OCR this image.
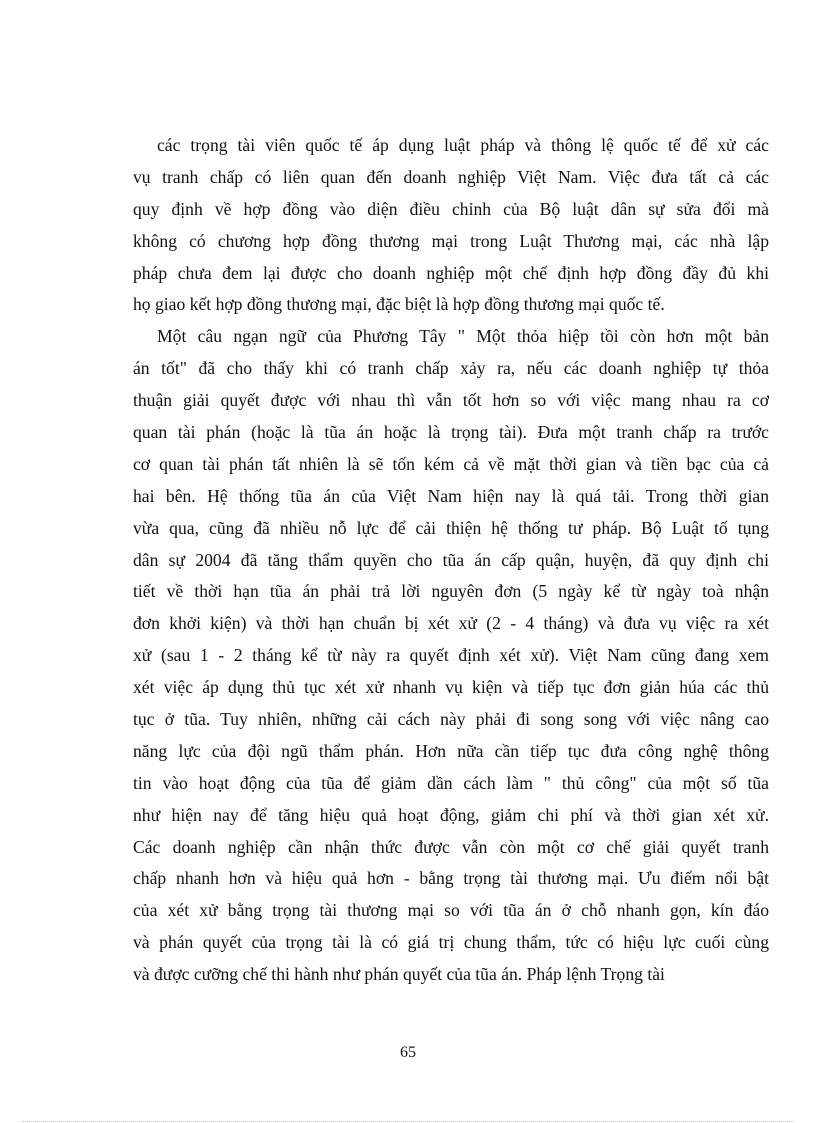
các trọng tài viên quốc tế áp dụng luật pháp và thông lệ quốc tế để xử các
vụ tranh chấp có liên quan đến doanh nghiệp Việt Nam. Việc đưa tất cả các
quy định về hợp đồng vào diện điều chỉnh của Bộ luật dân sự sửa đổi mà
không có chương hợp đồng thương mại trong Luật Thương mại, các nhà lập
pháp chưa đem lại được cho doanh nghiệp một chế định hợp đồng đầy đủ khi
họ giao kết hợp đồng thương mại, đặc biệt là hợp đồng thương mại quốc tế.
Một câu ngạn ngữ của Phương Tây " Một thỏa hiệp tồi còn hơn một bản
án tốt" đã cho thấy khi có tranh chấp xảy ra, nếu các doanh nghiệp tự thỏa
thuận giải quyết được với nhau thì vẫn tốt hơn so với việc mang nhau ra cơ
quan tài phán (hoặc là tũa án hoặc là trọng tài). Đưa một tranh chấp ra trước
cơ quan tài phán tất nhiên là sẽ tốn kém cả về mặt thời gian và tiền bạc của cả
hai bên. Hệ thống tũa án của Việt Nam hiện nay là quá tải. Trong thời gian
vừa qua, cũng đã nhiều nỗ lực để cải thiện hệ thống tư pháp. Bộ Luật tố tụng
dân sự 2004 đã tăng thẩm quyền cho tũa án cấp quận, huyện, đã quy định chi
tiết về thời hạn tũa án phải trả lời nguyên đơn (5 ngày kể từ ngày toà nhận
đơn khởi kiện) và thời hạn chuẩn bị xét xử (2 - 4 tháng) và đưa vụ việc ra xét
xử (sau 1 - 2 tháng kể từ này ra quyết định xét xử). Việt Nam cũng đang xem
xét việc áp dụng thủ tục xét xử nhanh vụ kiện và tiếp tục đơn giản húa các thủ
tục ở tũa. Tuy nhiên, những cải cách này phải đi song song với việc nâng cao
năng lực của đội ngũ thẩm phán. Hơn nữa cần tiếp tục đưa công nghệ thông
tin vào hoạt động của tũa để giảm dần cách làm " thủ công" của một số tũa
như hiện nay để tăng hiệu quả hoạt động, giảm chi phí và thời gian xét xử.
Các doanh nghiệp cần nhận thức được vẫn còn một cơ chế giải quyết tranh
chấp nhanh hơn và hiệu quả hơn - bằng trọng tài thương mại. Ưu điểm nổi bật
của xét xử bằng trọng tài thương mại so với tũa án ở chỗ nhanh gọn, kín đáo
và phán quyết của trọng tài là có giá trị chung thẩm, tức có hiệu lực cuối cùng
và được cưỡng chế thi hành như phán quyết của tũa án. Pháp lệnh Trọng tài
65
